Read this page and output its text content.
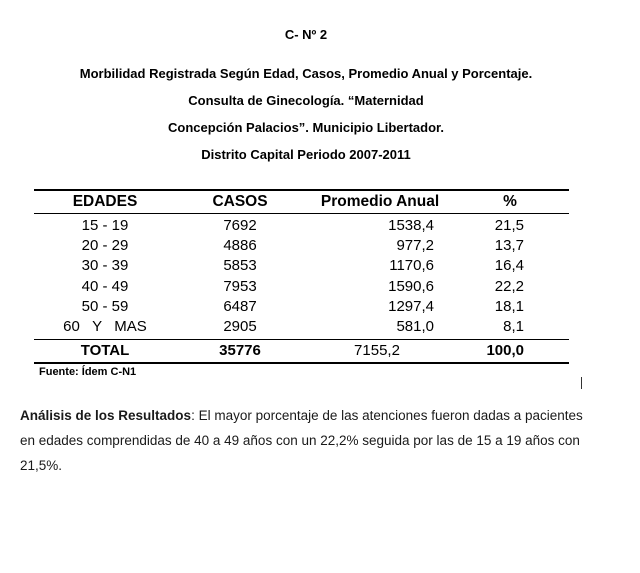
C- Nº 2
Morbilidad Registrada Según Edad, Casos, Promedio Anual y Porcentaje.
Consulta de Ginecología. “Maternidad
Concepción Palacios”. Municipio Libertador.
Distrito Capital Periodo 2007-2011
EDADES	CASOS	Promedio Anual	%
15 - 19	7692	1538,4	21,5
20 - 29	4886	977,2	13,7
30 - 39	5853	1170,6	16,4
40 - 49	7953	1590,6	22,2
50 - 59	6487	1297,4	18,1
60   Y   MAS	2905	581,0	8,1
TOTAL	35776	7155,2	100,0
Fuente: Ídem C-N1
Análisis de los Resultados: El mayor porcentaje de las atenciones fueron dadas a pacientes en edades comprendidas de 40 a 49 años con un 22,2% seguida por las de 15 a 19 años con 21,5%.
